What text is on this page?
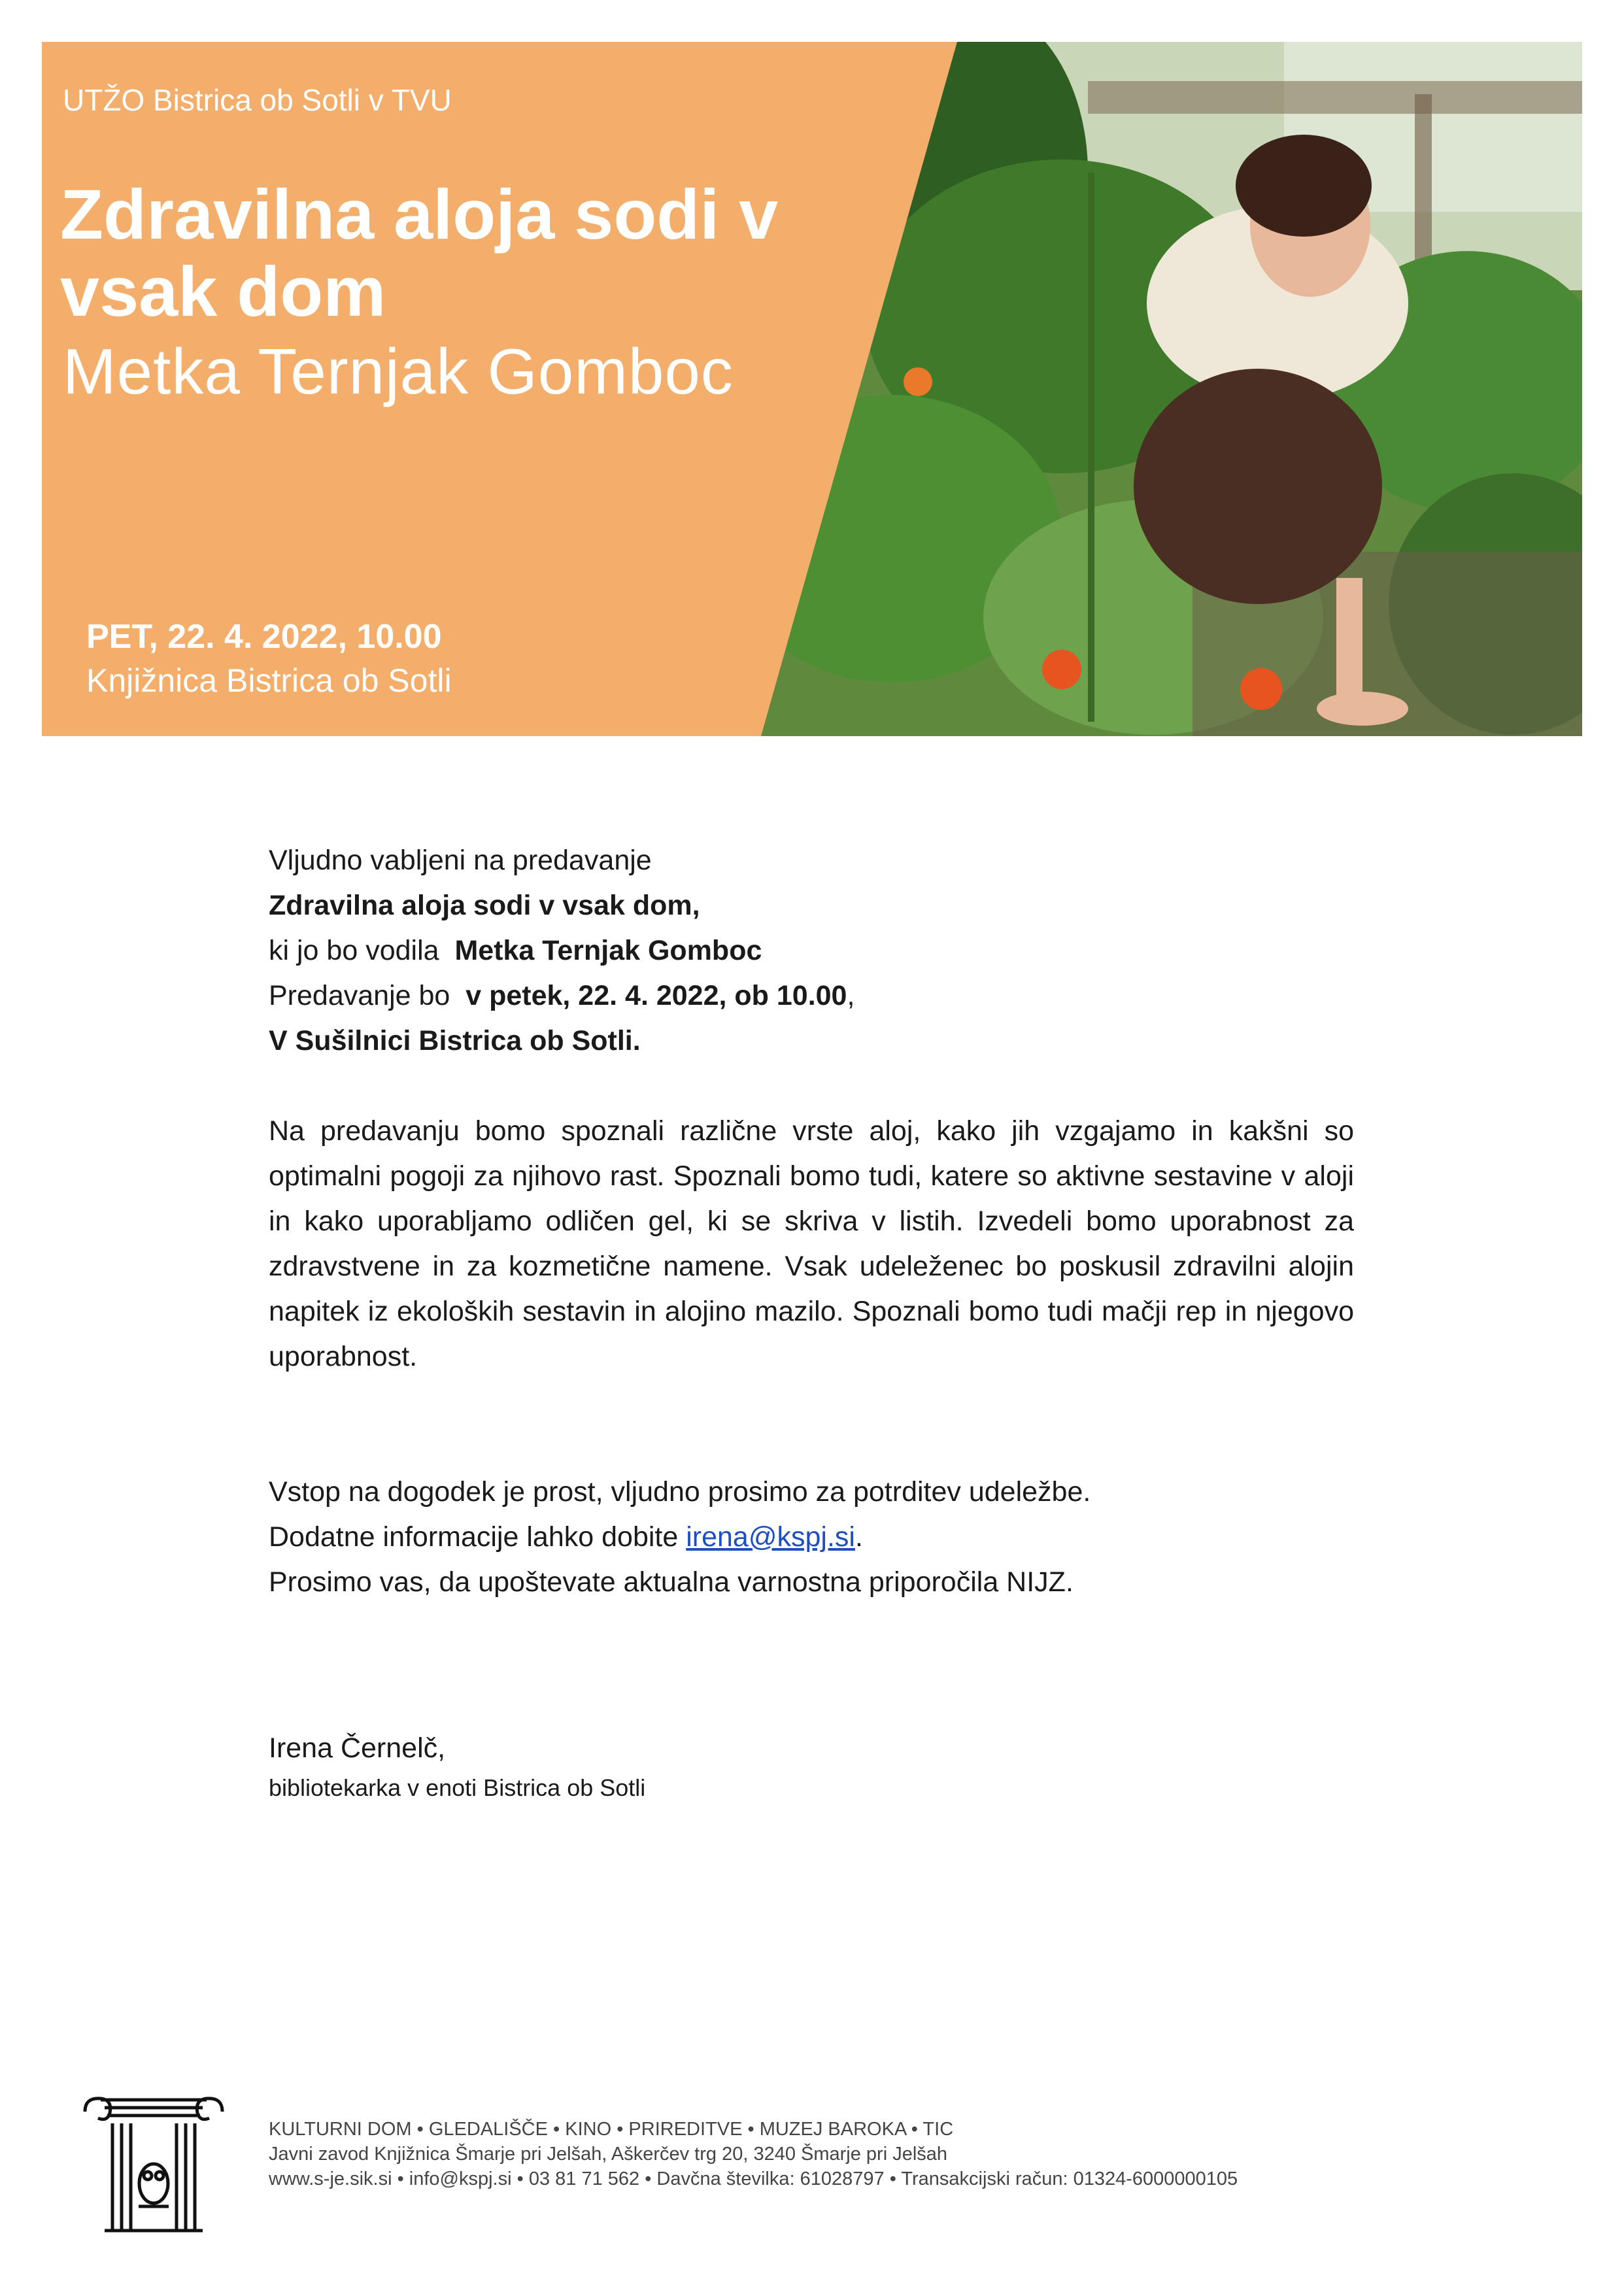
UTŽO Bistrica ob Sotli v TVU
Zdravilna aloja sodi v vsak dom
Metka Ternjak Gomboc
PET, 22. 4. 2022, 10.00
Knjižnica Bistrica ob Sotli

Vljudno vabljeni na predavanje
Zdravilna aloja sodi v vsak dom,
ki jo bo vodila  Metka Ternjak Gomboc
Predavanje bo  v petek, 22. 4. 2022, ob 10.00,
V Sušilnici Bistrica ob Sotli.

Na predavanju bomo spoznali različne vrste aloj, kako jih vzgajamo in kakšni so optimalni pogoji za njihovo rast. Spoznali bomo tudi, katere so aktivne sestavine v aloji in kako uporabljamo odličen gel, ki se skriva v listih. Izvedeli bomo uporabnost za zdravstvene in za kozmetične namene. Vsak udeleženec bo poskusil zdravilni alojin napitek iz ekoloških sestavin in alojino mazilo. Spoznali bomo tudi mačji rep in njegovo uporabnost.

Vstop na dogodek je prost, vljudno prosimo za potrditev udeležbe.
Dodatne informacije lahko dobite irena@kspj.si.
Prosimo vas, da upoštevate aktualna varnostna priporočila NIJZ.

Irena Černelč,
bibliotekarka v enoti Bistrica ob Sotli
KULTURNI DOM • GLEDALIŠČE • KINO • PRIREDITVE • MUZEJ BAROKA • TIC
Javni zavod Knjižnica Šmarje pri Jelšah, Aškerčev trg 20, 3240 Šmarje pri Jelšah
www.s-je.sik.si • info@kspj.si • 03 81 71 562 • Davčna številka: 61028797 • Transakcijski račun: 01324-6000000105
